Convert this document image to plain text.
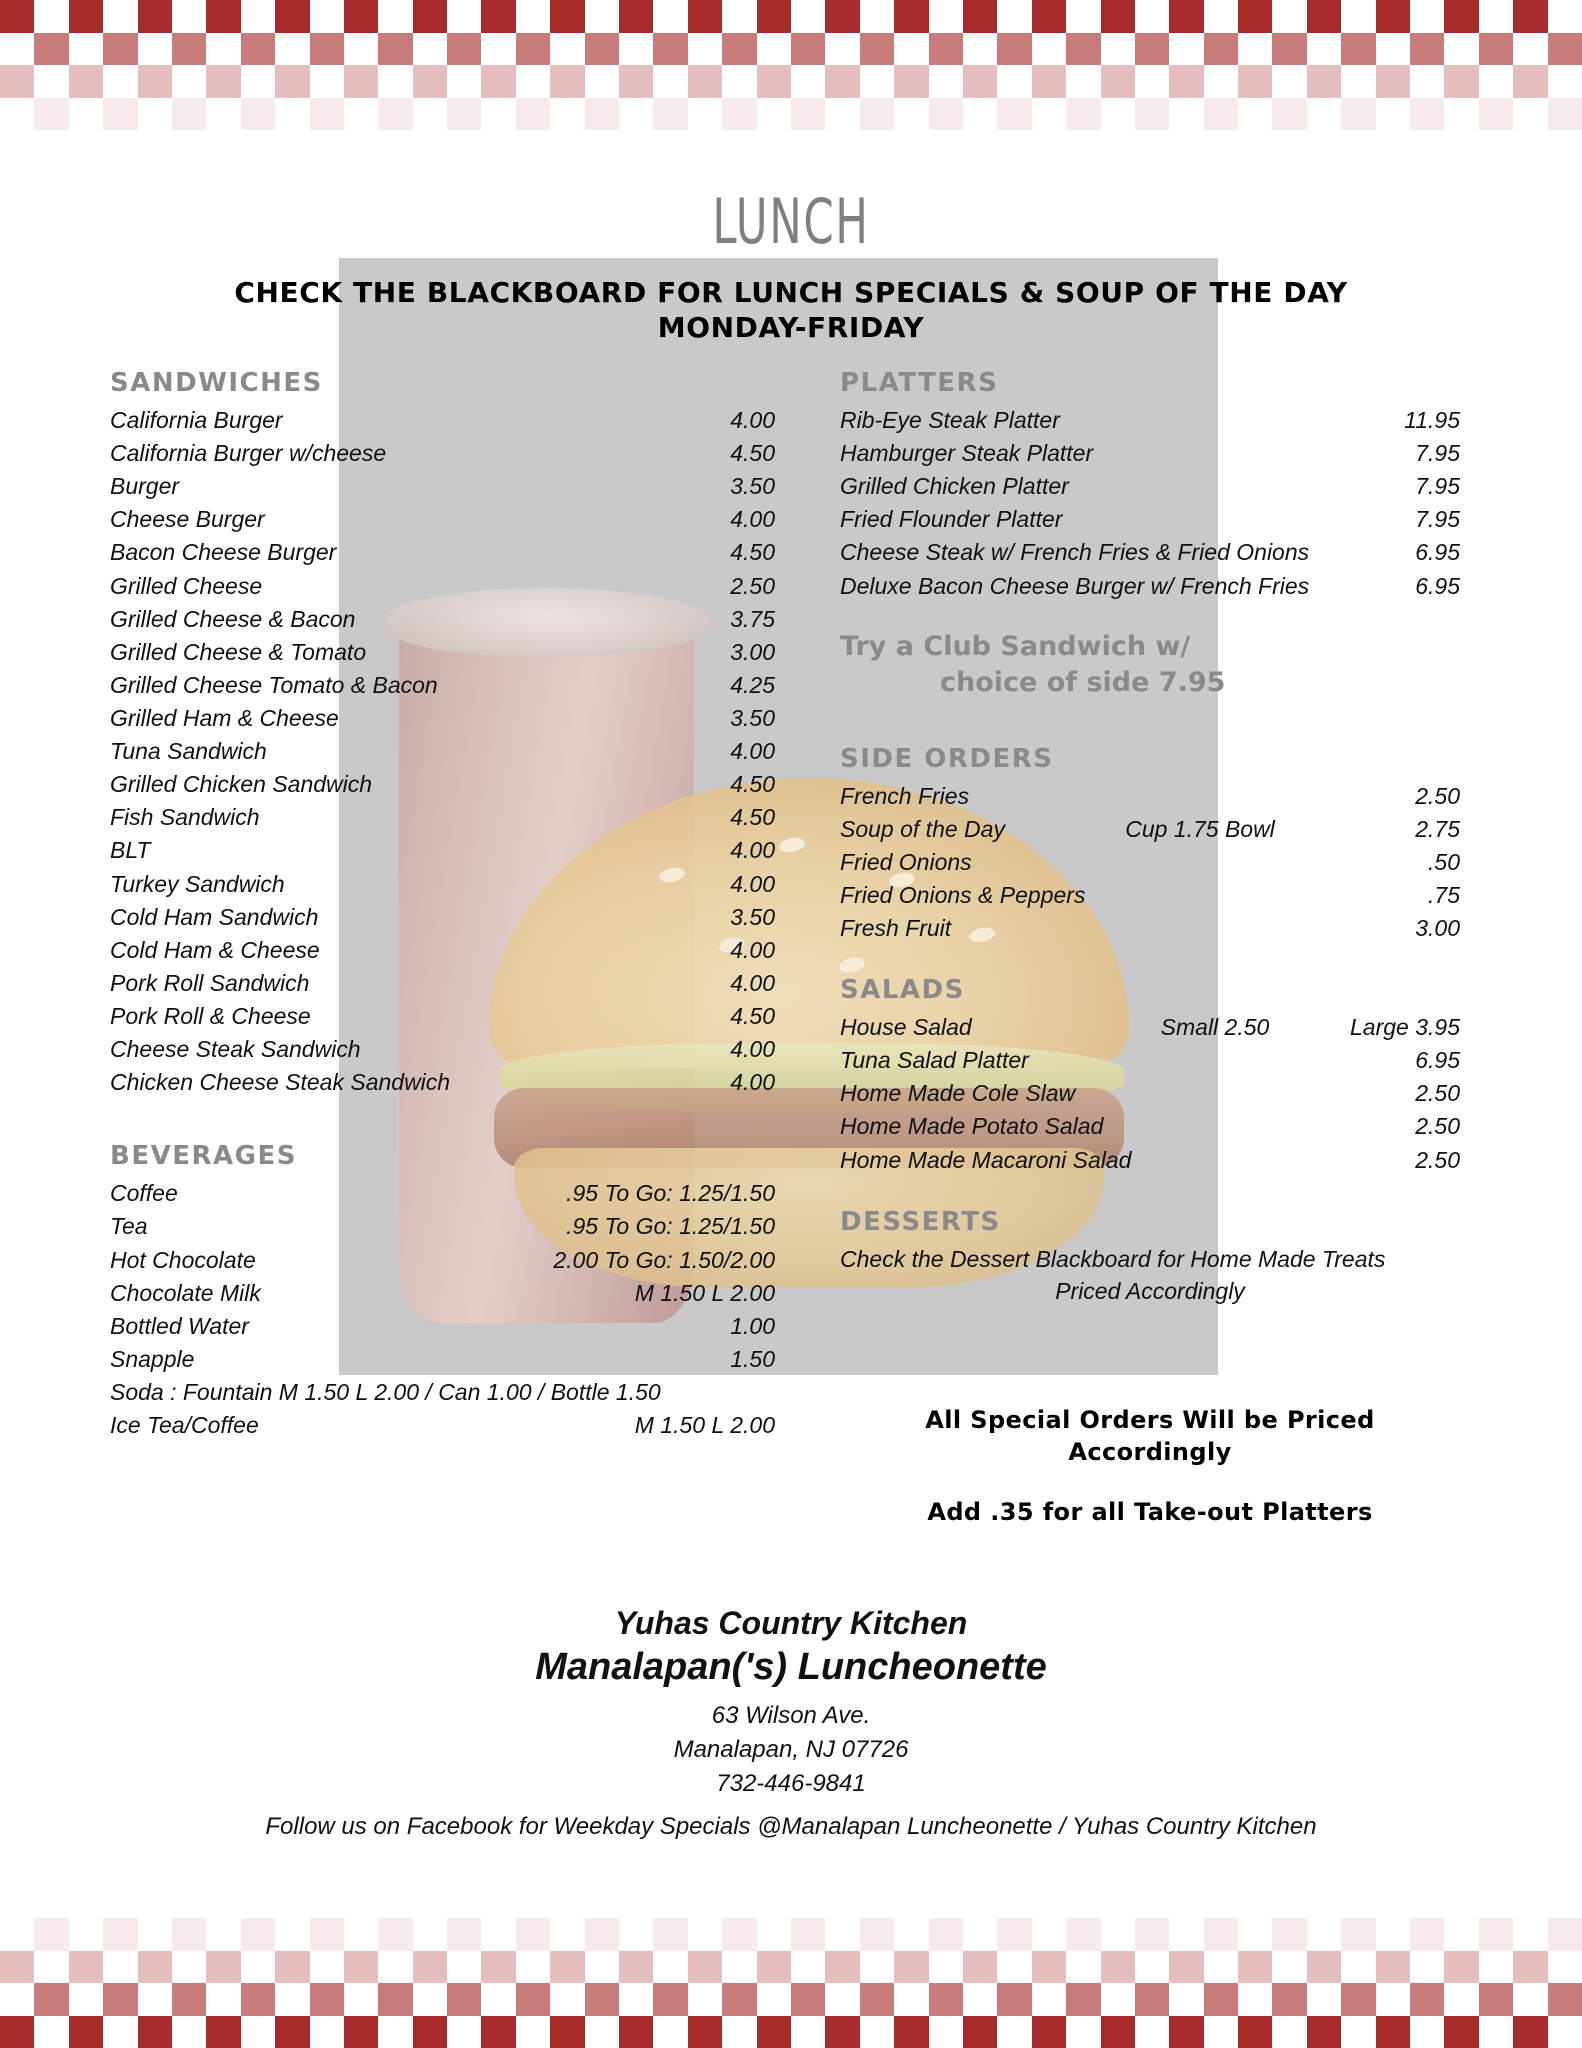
LUNCH
CHECK THE BLACKBOARD FOR LUNCH SPECIALS & SOUP OF THE DAY
MONDAY-FRIDAY
SANDWICHES
California Burger	4.00
California Burger w/cheese	4.50
Burger	3.50
Cheese Burger	4.00
Bacon Cheese Burger	4.50
Grilled Cheese	2.50
Grilled Cheese & Bacon	3.75
Grilled Cheese & Tomato	3.00
Grilled Cheese Tomato & Bacon	4.25
Grilled Ham & Cheese	3.50
Tuna Sandwich	4.00
Grilled Chicken Sandwich	4.50
Fish Sandwich	4.50
BLT	4.00
Turkey Sandwich	4.00
Cold Ham Sandwich	3.50
Cold Ham & Cheese	4.00
Pork Roll Sandwich	4.00
Pork Roll & Cheese	4.50
Cheese Steak Sandwich	4.00
Chicken Cheese Steak Sandwich	4.00
BEVERAGES
Coffee	.95 To Go: 1.25/1.50
Tea	.95 To Go: 1.25/1.50
Hot Chocolate	2.00 To Go: 1.50/2.00
Chocolate Milk	M 1.50 L 2.00
Bottled Water	1.00
Snapple	1.50
Soda : Fountain M 1.50 L 2.00 / Can 1.00 / Bottle 1.50
Ice Tea/Coffee	M 1.50 L 2.00
PLATTERS
Rib-Eye Steak Platter	11.95
Hamburger Steak Platter	7.95
Grilled Chicken Platter	7.95
Fried Flounder Platter	7.95
Cheese Steak w/ French Fries & Fried Onions	6.95
Deluxe Bacon Cheese Burger w/ French Fries	6.95
Try a Club Sandwich w/
choice of side 7.95
SIDE ORDERS
French Fries	2.50
Soup of the Day	Cup 1.75 Bowl	2.75
Fried Onions	.50
Fried Onions & Peppers	.75
Fresh Fruit	3.00
SALADS
House Salad	Small 2.50	Large 3.95
Tuna Salad Platter	6.95
Home Made Cole Slaw	2.50
Home Made Potato Salad	2.50
Home Made Macaroni Salad	2.50
DESSERTS
Check the Dessert Blackboard for Home Made Treats
Priced Accordingly
All Special Orders Will be Priced
Accordingly
Add .35 for all Take-out Platters
Yuhas Country Kitchen
Manalapan('s) Luncheonette
63 Wilson Ave.
Manalapan, NJ 07726
732-446-9841
Follow us on Facebook for Weekday Specials @Manalapan Luncheonette / Yuhas Country Kitchen
